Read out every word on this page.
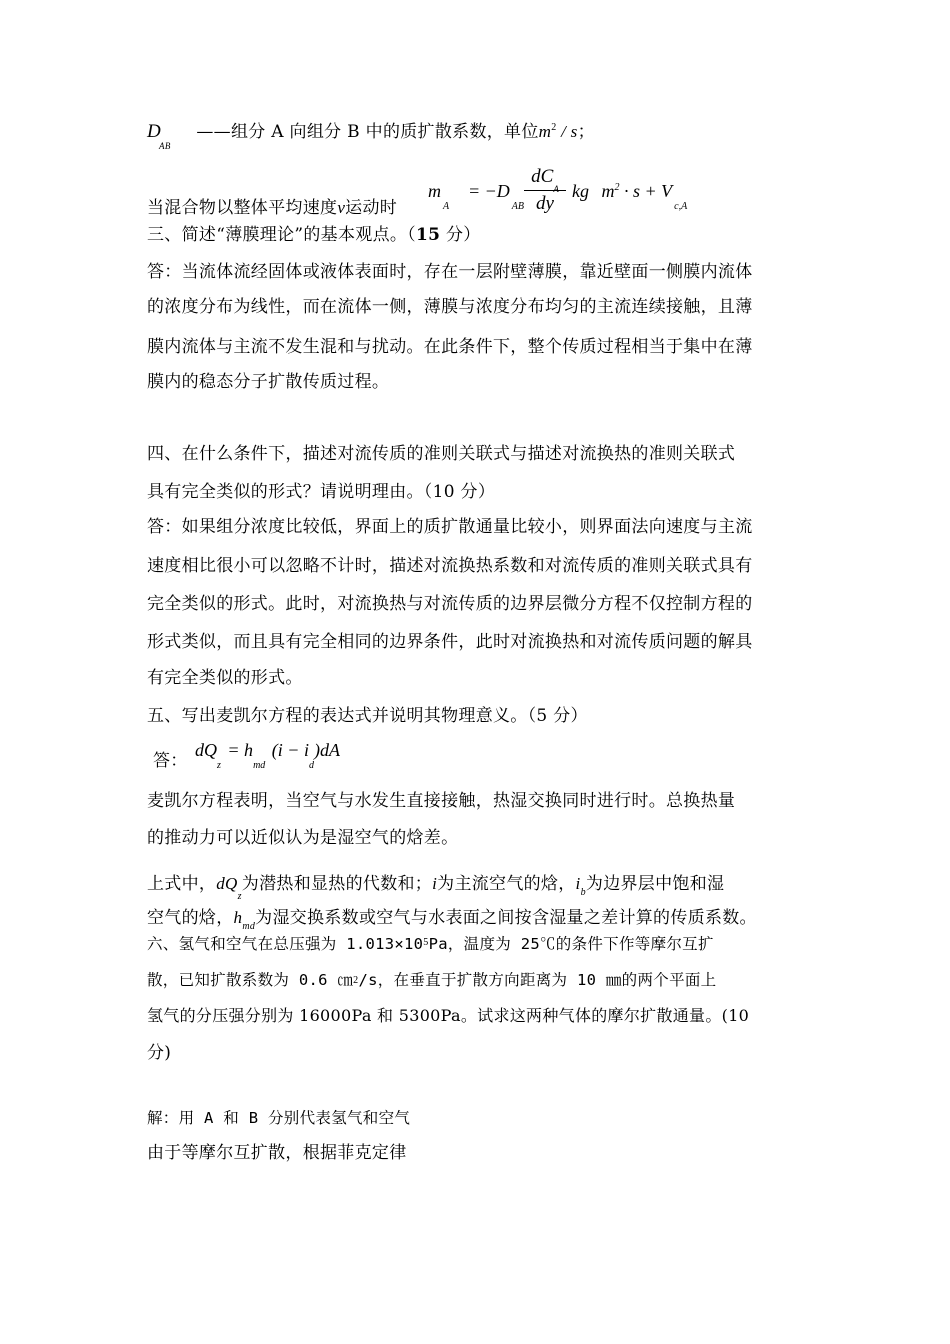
$D_{AB}$ ——组分 A 向组分 B 中的质扩散系数，单位$m^2$ / s；
当混合物以整体平均速度v运动时
$m_A$
= $-D_{AB}$
$dC_A$
dy
kg $m^2 \cdot s + V_{c,A}$
三、简述“薄膜理论”的基本观点。（15 分）
答：当流体流经固体或液体表面时，存在一层附壁薄膜，靠近壁面一侧膜内流体
的浓度分布为线性，而在流体一侧，薄膜与浓度分布均匀的主流连续接触，且薄
膜内流体与主流不发生混和与扰动。在此条件下，整个传质过程相当于集中在薄
膜内的稳态分子扩散传质过程。
四、在什么条件下，描述对流传质的准则关联式与描述对流换热的准则关联式
具有完全类似的形式？请说明理由。（10 分）
答：如果组分浓度比较低，界面上的质扩散通量比较小，则界面法向速度与主流
速度相比很小可以忽略不计时，描述对流换热系数和对流传质的准则关联式具有
完全类似的形式。此时，对流换热与对流传质的边界层微分方程不仅控制方程的
形式类似，而且具有完全相同的边界条件，此时对流换热和对流传质问题的解具
有完全类似的形式。
五、写出麦凯尔方程的表达式并说明其物理意义。（5 分）
答：
$dQ_z = h_{md}$ $(i - i_d)dA$
麦凯尔方程表明，当空气与水发生直接接触，热湿交换同时进行时。总换热量
的推动力可以近似认为是湿空气的焓差。
上式中，$dQ_z$为潜热和显热的代数和；i为主流空气的焓，$i_b$为边界层中饱和湿
空气的焓，$h_{md}$为湿交换系数或空气与水表面之间按含湿量之差计算的传质系数。
六、氢气和空气在总压强为 $1.013\times 10^5Pa$，温度为 25℃的条件下作等摩尔互扩
散，已知扩散系数为 0.6 ㎝2/s，在垂直于扩散方向距离为 10 ㎜的两个平面上
氢气的分压强分别为 16000Pa 和 5300Pa。试求这两种气体的摩尔扩散通量。(10
分)
解：用 A 和 B 分别代表氢气和空气
由于等摩尔互扩散，根据菲克定律
